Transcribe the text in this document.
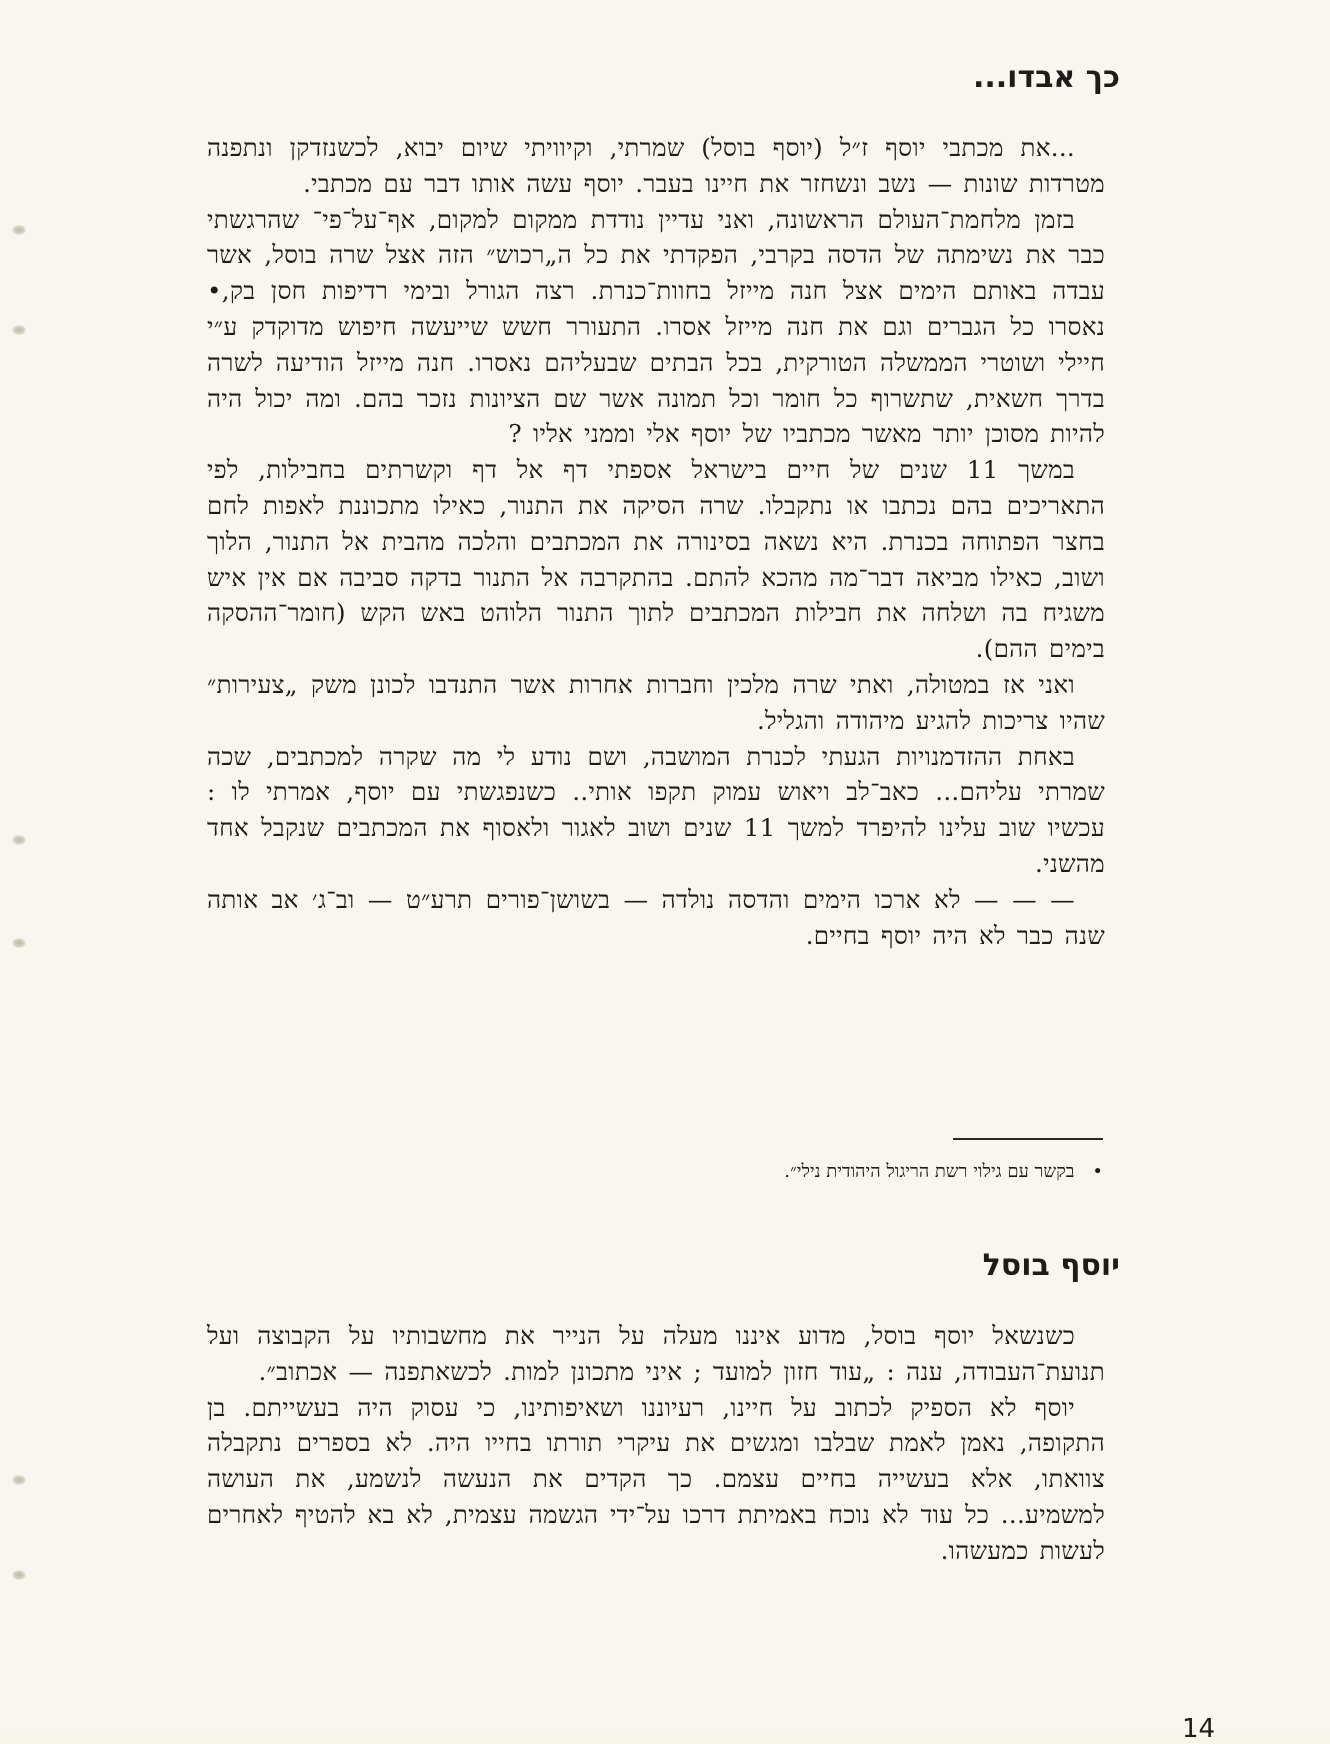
כך אבדו...

...את מכתבי יוסף ז״ל (יוסף בוסל) שמרתי, וקיוויתי שיום יבוא, לכשנזדקן ונתפנה מטרדות שונות — נשב ונשחזר את חיינו בעבר. יוסף עשה אותו דבר עם מכתבי.

בזמן מלחמת־העולם הראשונה, ואני עדיין נודדת ממקום למקום, אף־על־פי־ שהרגשתי כבר את נשימתה של הדסה בקרבי, הפקדתי את כל ה„רכוש״ הזה אצל שרה בוסל, אשר עבדה באותם הימים אצל חנה מייזל בחוות־כנרת. רצה הגורל ובימי רדיפות חסן בק,• נאסרו כל הגברים וגם את חנה מייזל אסרו. התעורר חשש שייעשה חיפוש מדוקדק ע״י חיילי ושוטרי הממשלה הטורקית, בכל הבתים שבעליהם נאסרו. חנה מייזל הודיעה לשרה בדרך חשאית, שתשרוף כל חומר וכל תמונה אשר שם הציונות נזכר בהם. ומה יכול היה להיות מסוכן יותר מאשר מכתביו של יוסף אלי וממני אליו ?

במשך 11 שנים של חיים בישראל אספתי דף אל דף וקשרתים בחבילות, לפי התאריכים בהם נכתבו או נתקבלו. שרה הסיקה את התנור, כאילו מתכוננת לאפות לחם בחצר הפתוחה בכנרת. היא נשאה בסינורה את המכתבים והלכה מהבית אל התנור, הלוך ושוב, כאילו מביאה דבר־מה מהכא להתם. בהתקרבה אל התנור בדקה סביבה אם אין איש משגיח בה ושלחה את חבילות המכתבים לתוך התנור הלוהט באש הקש (חומר־ההסקה בימים ההם).

ואני אז במטולה, ואתי שרה מלכין וחברות אחרות אשר התנדבו לכונן משק „צעירות״ שהיו צריכות להגיע מיהודה והגליל.

באחת ההזדמנויות הגעתי לכנרת המושבה, ושם נודע לי מה שקרה למכתבים, שכה שמרתי עליהם... כאב־לב ויאוש עמוק תקפו אותי.. כשנפגשתי עם יוסף, אמרתי לו : עכשיו שוב עלינו להיפרד למשך 11 שנים ושוב לאגור ולאסוף את המכתבים שנקבל אחד מהשני.

— — — לא ארכו הימים והדסה נולדה — בשושן־פורים תרע״ט — וב־ג׳ אב אותה שנה כבר לא היה יוסף בחיים.

•בקשר עם גילוי רשת הריגול היהודית נילי״.
יוסף בוסל

כשנשאל יוסף בוסל, מדוע איננו מעלה על הנייר את מחשבותיו על הקבוצה ועל תנועת־העבודה, ענה : „עוד חזון למועד ; איני מתכונן למות. לכשאתפנה — אכתוב״.

יוסף לא הספיק לכתוב על חיינו, רעיוננו ושאיפותינו, כי עסוק היה בעשייתם. בן התקופה, נאמן לאמת שבלבו ומגשים את עיקרי תורתו בחייו היה. לא בספרים נתקבלה צוואתו, אלא בעשייה בחיים עצמם. כך הקדים את הנעשה לנשמע, את העושה למשמיע... כל עוד לא נוכח באמיתת דרכו על־ידי הגשמה עצמית, לא בא להטיף לאחרים לעשות כמעשהו.

14
